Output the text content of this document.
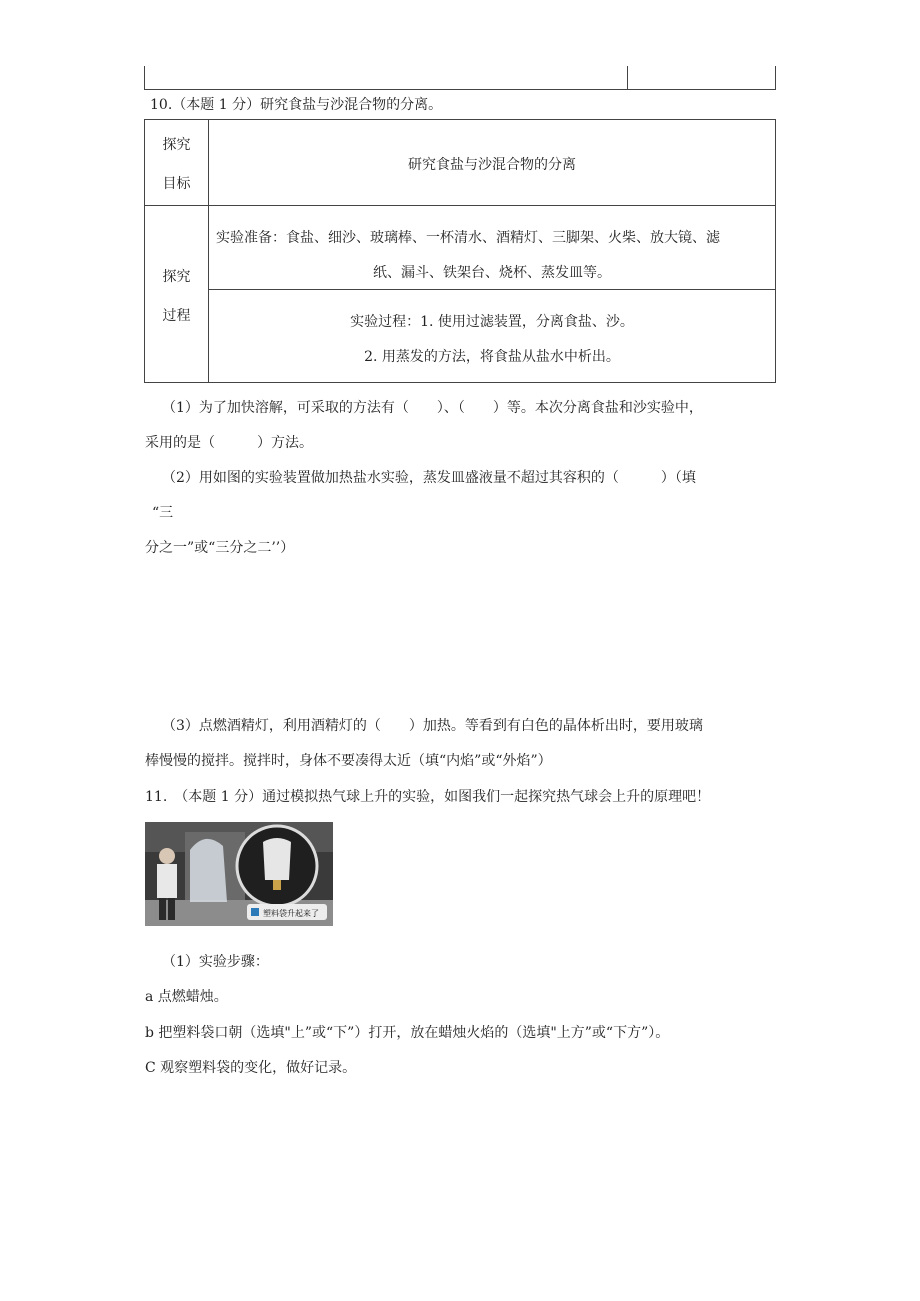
10.（本题 1 分）研究食盐与沙混合物的分离。
探究
目标
研究食盐与沙混合物的分离
探究
过程
实验准备：食盐、细沙、玻璃棒、一杯清水、酒精灯、三脚架、火柴、放大镜、滤
纸、漏斗、铁架台、烧杯、蒸发皿等。
实验过程：1. 使用过滤装置，分离食盐、沙。
2. 用蒸发的方法，将食盐从盐水中析出。
（1）为了加快溶解，可采取的方法有（　　）、（　　）等。本次分离食盐和沙实验中，
采用的是（　　　）方法。
（2）用如图的实验装置做加热盐水实验，蒸发皿盛液量不超过其容积的（　　　）（填
“三
分之一”或“三分之二’’）
（3）点燃酒精灯，利用酒精灯的（　　）加热。等看到有白色的晶体析出时，要用玻璃
棒慢慢的搅拌。搅拌时，身体不要凑得太近（填“内焰”或“外焰”）
11.　（本题 1 分）通过模拟热气球上升的实验，如图我们一起探究热气球会上升的原理吧！
塑料袋升起来了
（1）实验步骤：
a 点燃蜡烛。
b 把塑料袋口朝（选填"上”或“下”）打开，放在蜡烛火焰的（选填"上方”或“下方”）。
C 观察塑料袋的变化，做好记录。
